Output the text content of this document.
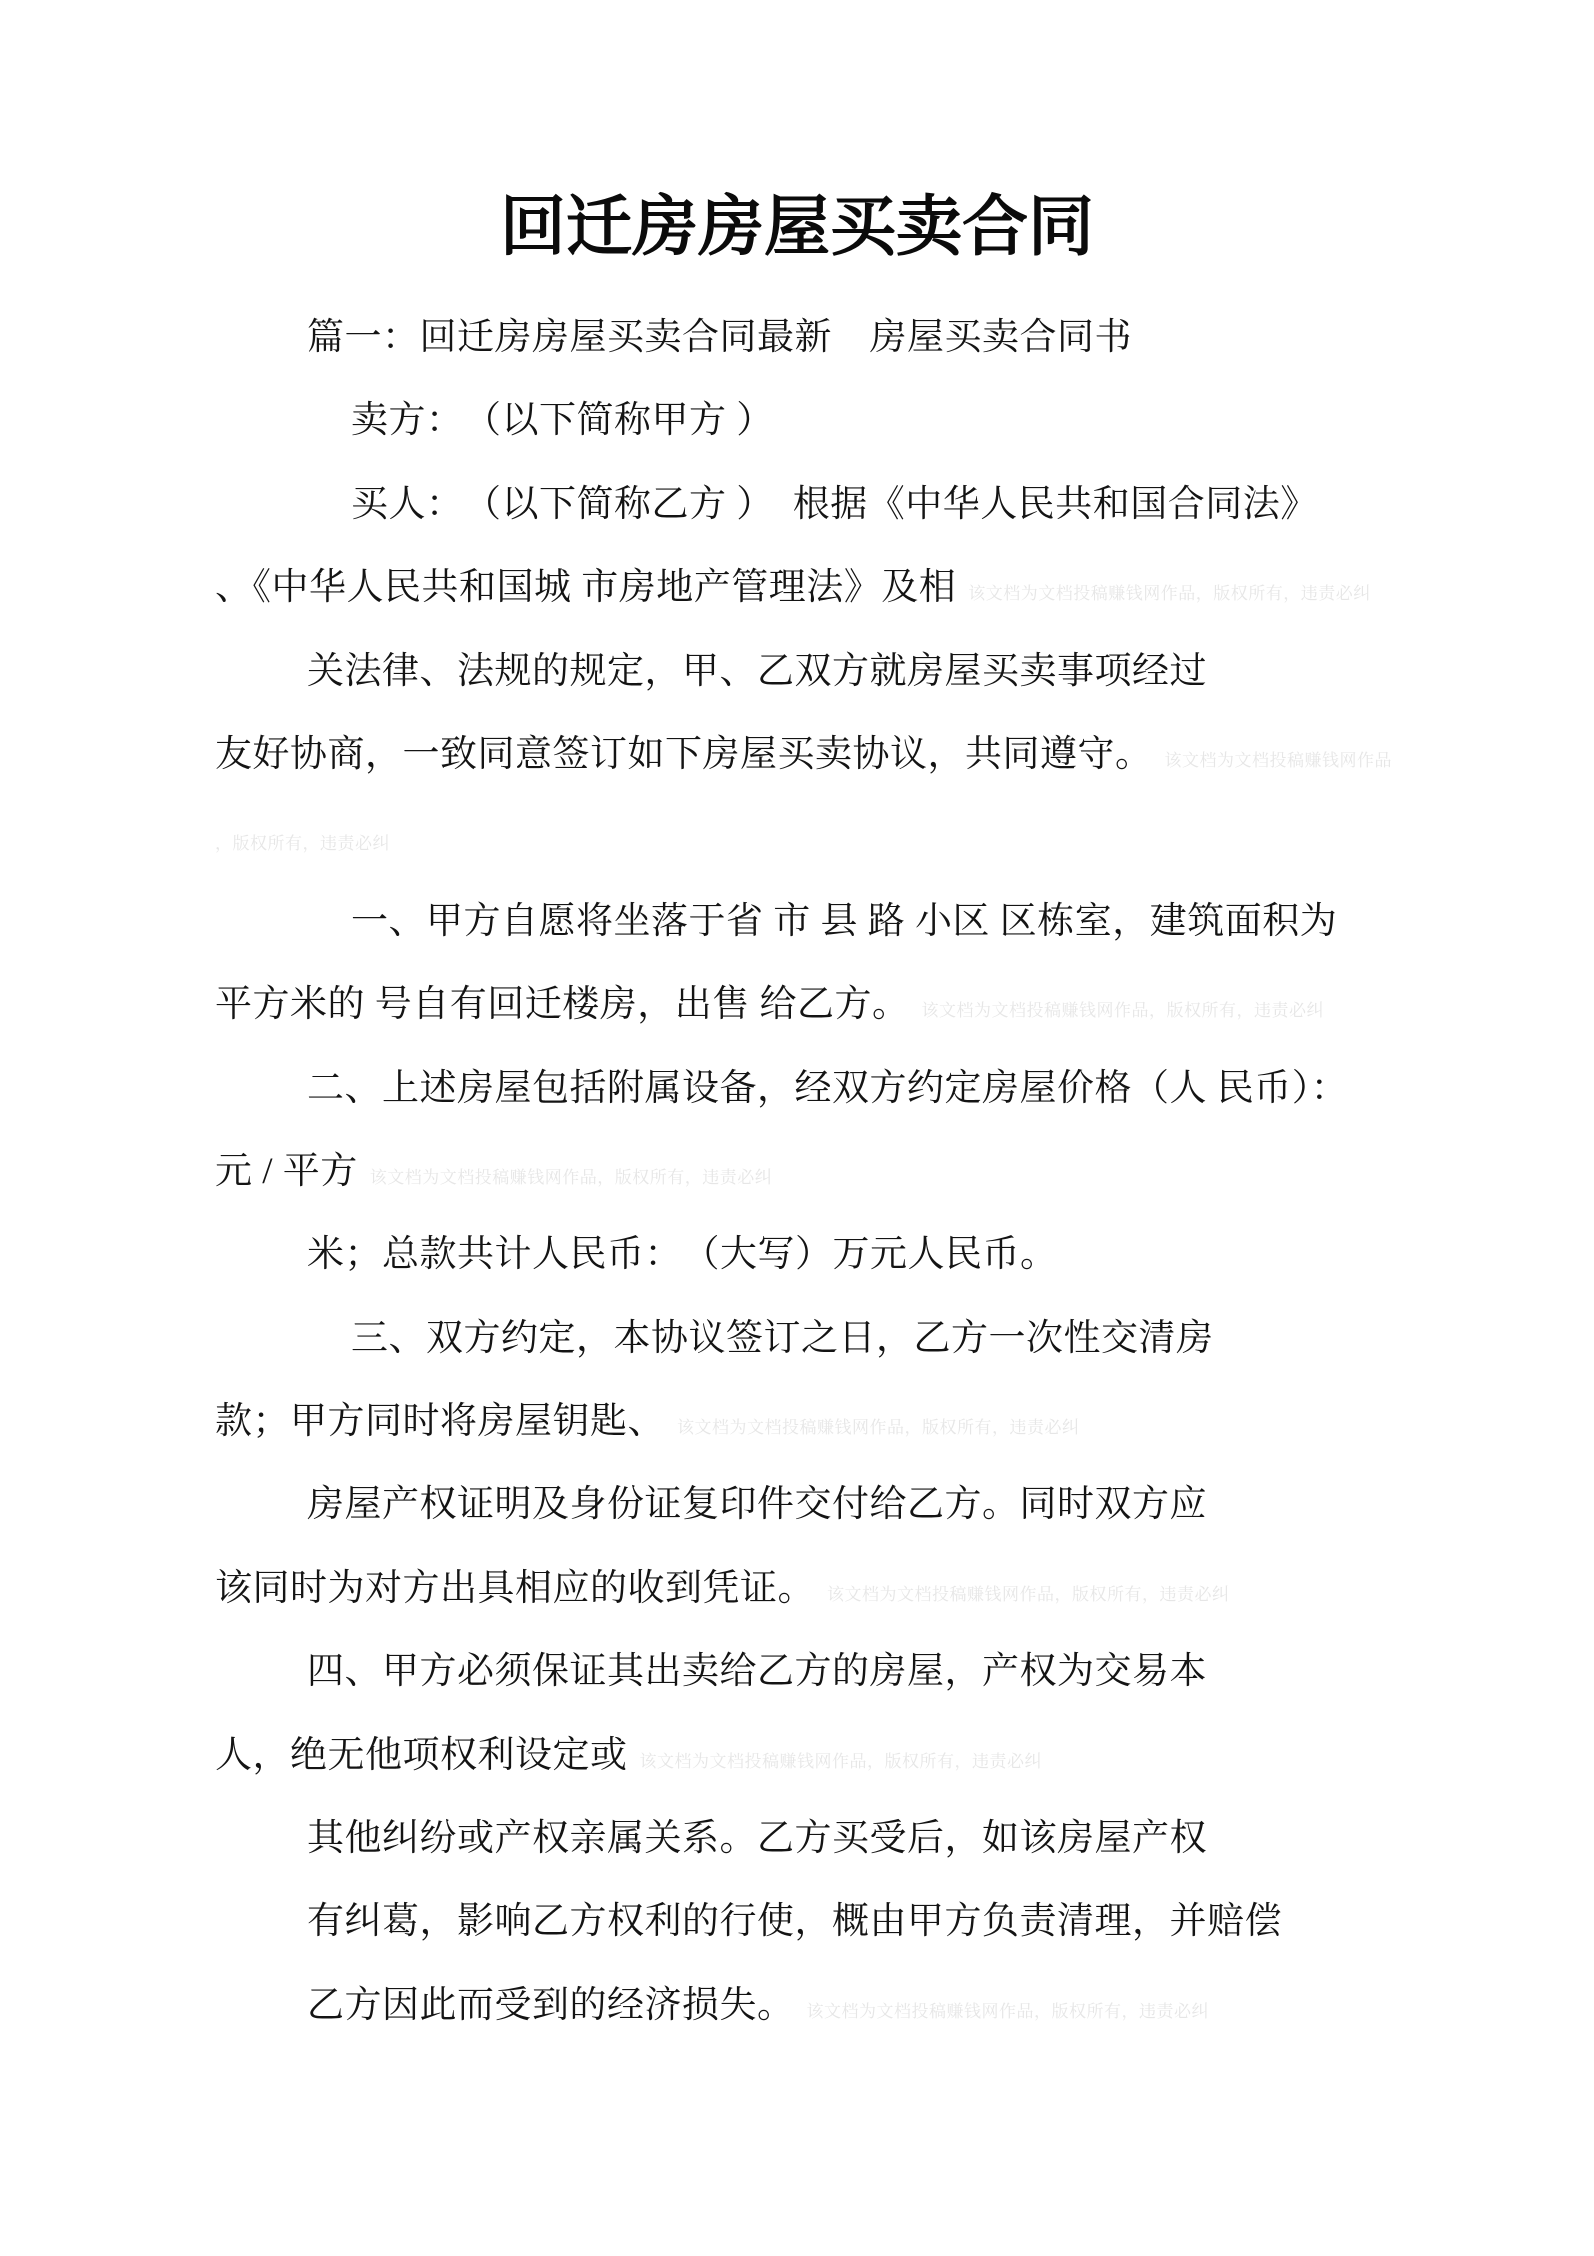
回迁房房屋买卖合同
篇一：回迁房房屋买卖合同最新　房屋买卖合同书
卖方：　（以下简称甲方 ）
买人：　（以下简称乙方 ）　根据《中华人民共和国合同法》
、《中华人民共和国城 市房地产管理法》及相 该文档为文档投稿赚钱网作品，版权所有，违责必纠
关法律、法规的规定，甲、乙双方就房屋买卖事项经过
友好协商，一致同意签订如下房屋买卖协议，共同遵守。 该文档为文档投稿赚钱网作品
，版权所有，违责必纠
一、甲方自愿将坐落于省 市 县 路 小区 区栋室，建筑面积为
平方米的 号自有回迁楼房，出售 给乙方。 该文档为文档投稿赚钱网作品，版权所有，违责必纠
二、上述房屋包括附属设备，经双方约定房屋价格（人 民币）：
元 / 平方 该文档为文档投稿赚钱网作品，版权所有，违责必纠
米；总款共计人民币：　（大写）万元人民币。
三、双方约定，本协议签订之日，乙方一次性交清房
款；甲方同时将房屋钥匙、 该文档为文档投稿赚钱网作品，版权所有，违责必纠
房屋产权证明及身份证复印件交付给乙方。同时双方应
该同时为对方出具相应的收到凭证。 该文档为文档投稿赚钱网作品，版权所有，违责必纠
四、甲方必须保证其出卖给乙方的房屋，产权为交易本
人，绝无他项权利设定或 该文档为文档投稿赚钱网作品，版权所有，违责必纠
其他纠纷或产权亲属关系。乙方买受后，如该房屋产权
有纠葛，影响乙方权利的行使，概由甲方负责清理，并赔偿
乙方因此而受到的经济损失。 该文档为文档投稿赚钱网作品，版权所有，违责必纠
